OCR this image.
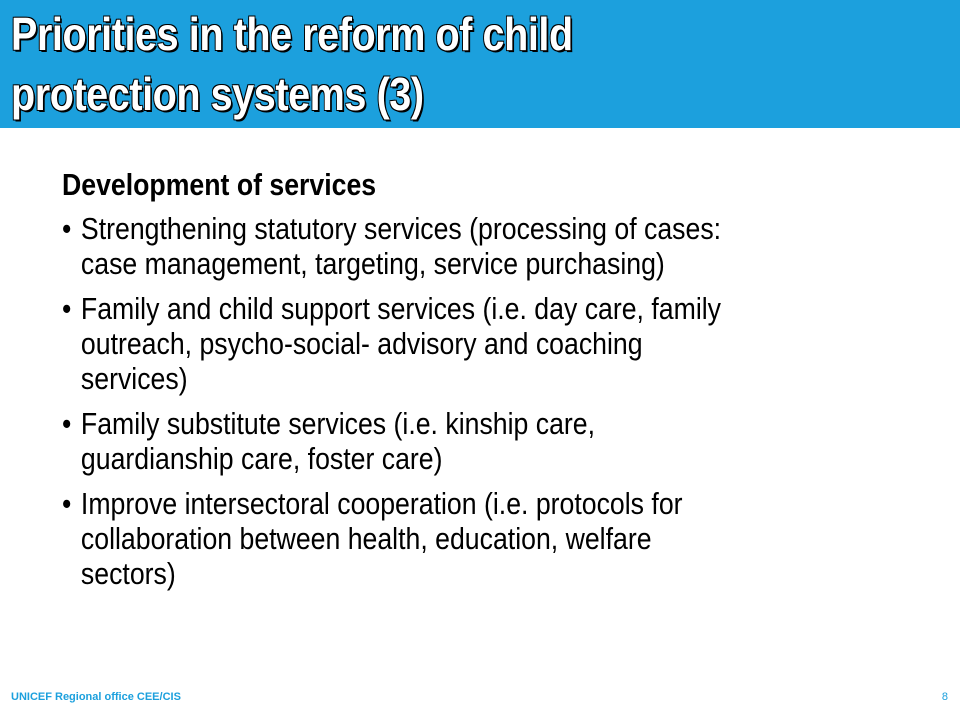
Priorities in the reform of child
protection systems (3)

Development of services

• Strengthening statutory services (processing of cases:
case management, targeting, service purchasing)
• Family and child support services (i.e. day care, family
outreach, psycho-social- advisory and coaching
services)
• Family substitute services (i.e. kinship care,
guardianship care, foster care)
• Improve intersectoral cooperation (i.e. protocols for
collaboration between health, education, welfare
sectors)
UNICEF Regional office CEE/CIS	8
